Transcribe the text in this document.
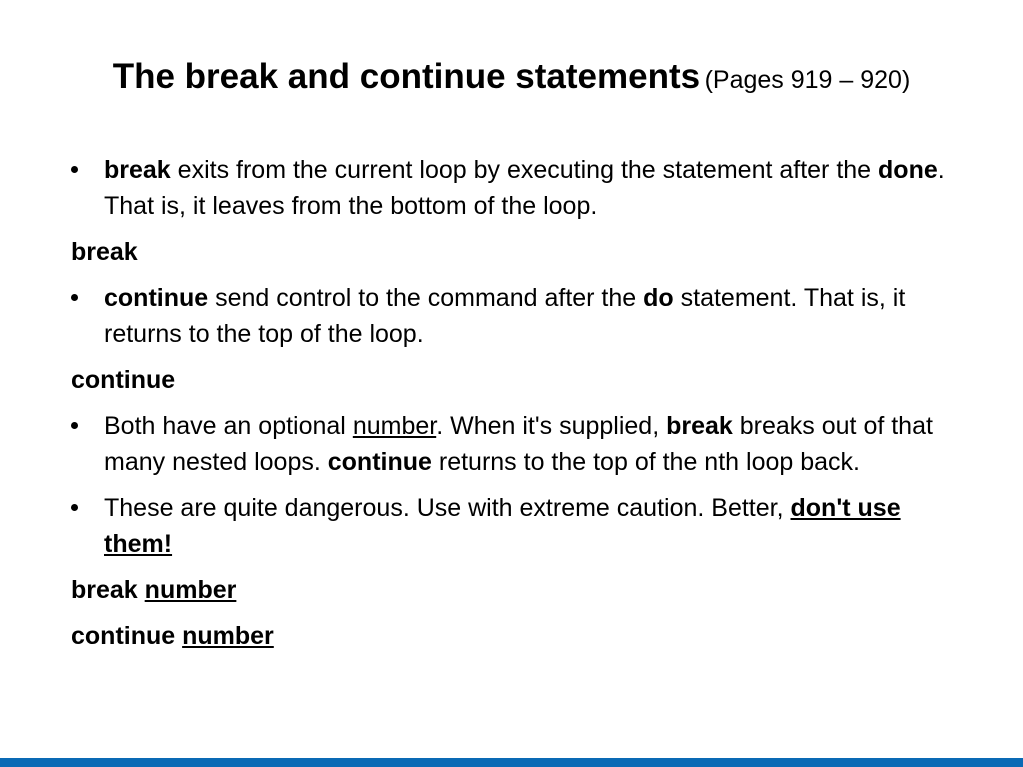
The break and continue statements (Pages 919 – 920)
break exits from the current loop by executing the statement after the done. That is, it leaves from the bottom of the loop.
break
continue send control to the command after the do statement. That is, it returns to the top of the loop.
continue
Both have an optional number. When it's supplied, break breaks out of that many nested loops. continue returns to the top of the nth loop back.
These are quite dangerous. Use with extreme caution. Better, don't use them!
break number
continue number
